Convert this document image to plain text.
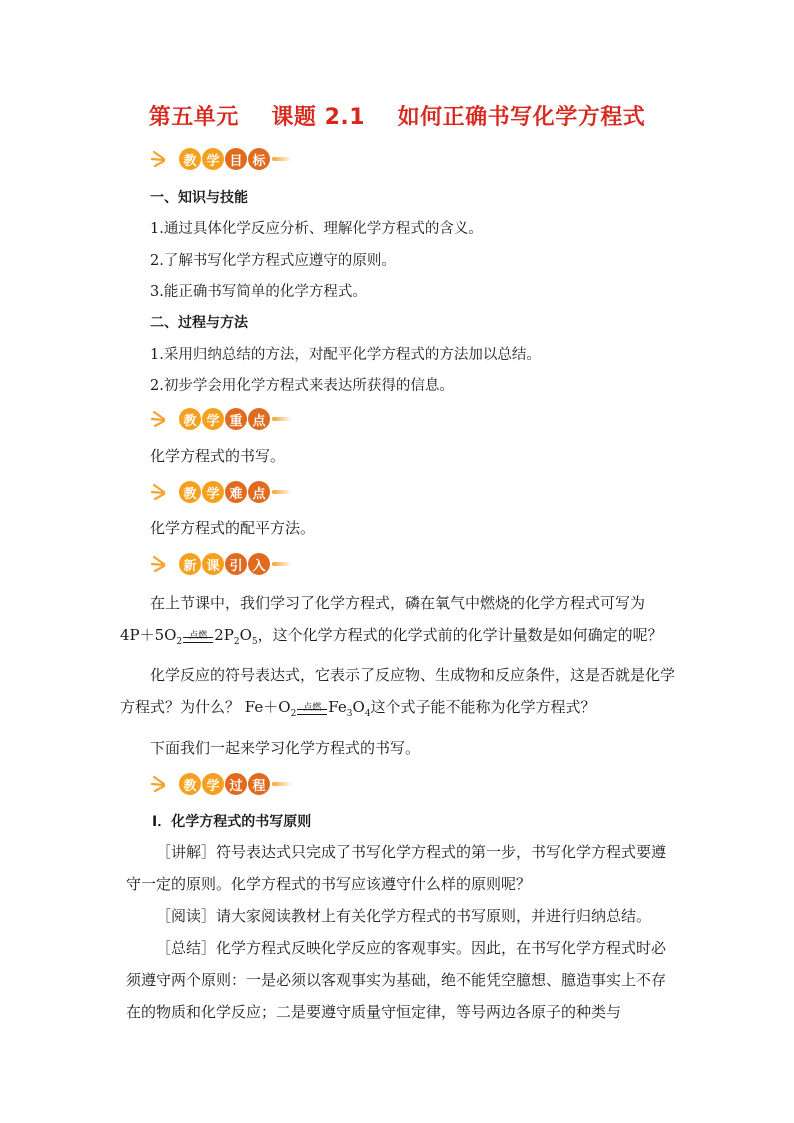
第五单元    课题 2.1    如何正确书写化学方程式
教 学 目 标
一、知识与技能
1.通过具体化学反应分析、理解化学方程式的含义。
2.了解书写化学方程式应遵守的原则。
3.能正确书写简单的化学方程式。
二、过程与方法
1.采用归纳总结的方法，对配平化学方程式的方法加以总结。
2.初步学会用化学方程式来表达所获得的信息。
教 学 重 点
化学方程式的书写。
教 学 难 点
化学方程式的配平方法。
新 课 引 入
在上节课中，我们学习了化学方程式，磷在氧气中燃烧的化学方程式可写为
$4P+5O_2$
点燃 $2P_2O_5$，这个化学方程式的化学式前的化学计量数是如何确定的呢？
化学反应的符号表达式，它表示了反应物、生成物和反应条件，这是否就是化学方程式？为什么？ $Fe+O_2$
点燃 $Fe_3O_4$这个式子能不能称为化学方程式？
下面我们一起来学习化学方程式的书写。
教 学 过 程
Ⅰ．化学方程式的书写原则
［讲解］符号表达式只完成了书写化学方程式的第一步，书写化学方程式要遵守一定的原则。化学方程式的书写应该遵守什么样的原则呢？
［阅读］请大家阅读教材上有关化学方程式的书写原则，并进行归纳总结。
［总结］化学方程式反映化学反应的客观事实。因此，在书写化学方程式时必须遵守两个原则：一是必须以客观事实为基础，绝不能凭空臆想、臆造事实上不存在的物质和化学反应；二是要遵守质量守恒定律，等号两边各原子的种类与
